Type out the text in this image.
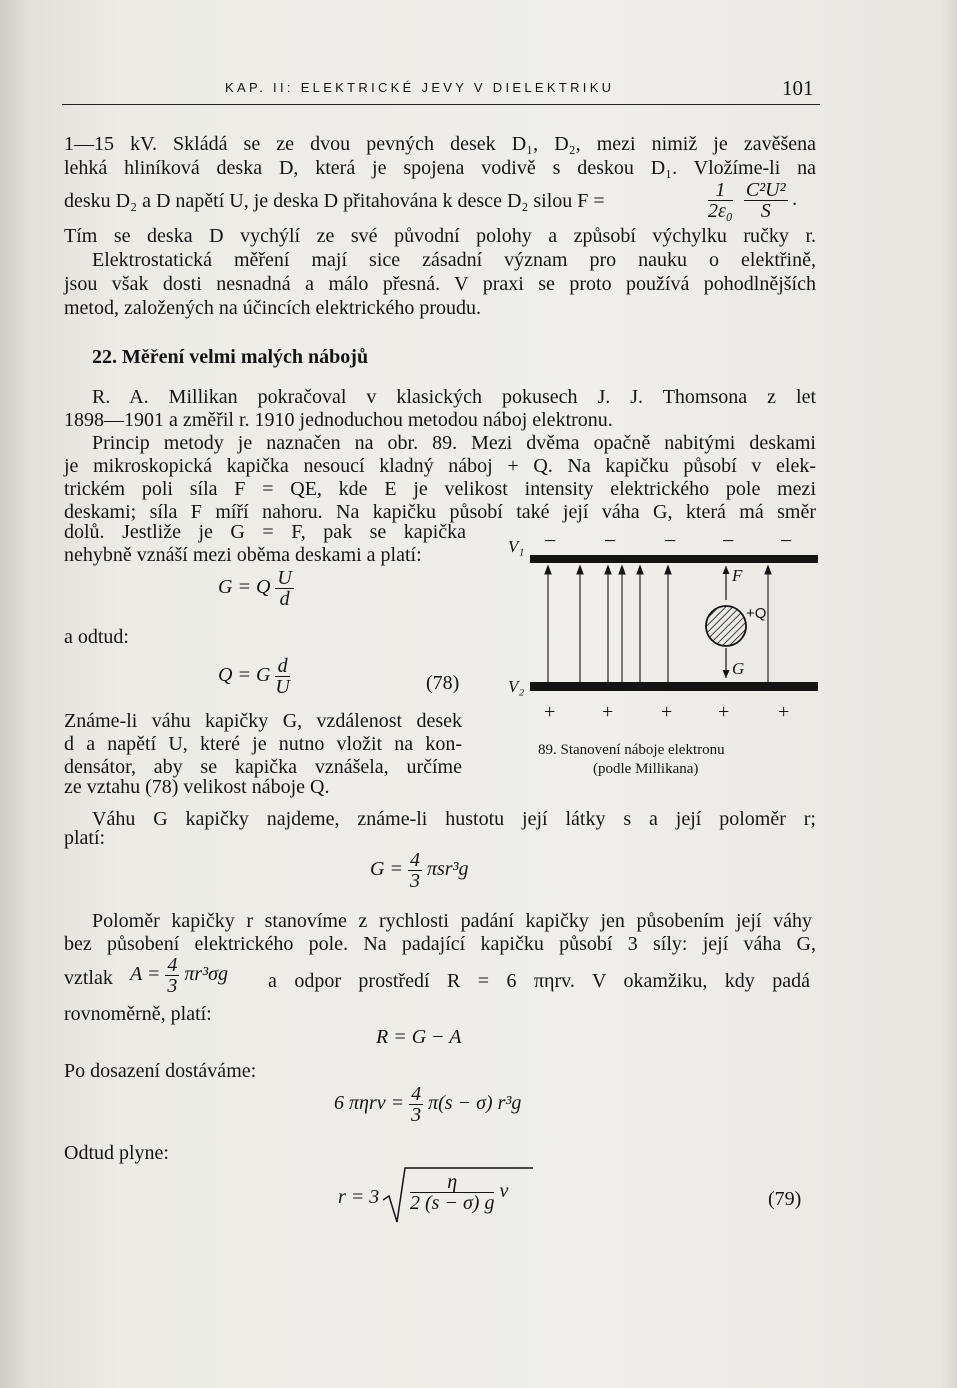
KAP. II: ELEKTRICKÉ JEVY V DIELEKTRIKU	101
1—15 kV. Skládá se ze dvou pevných desek D₁, D₂, mezi nimiž je zavěšena
lehká hliníková deska D, která je spojena vodivě s deskou D₁. Vložíme-li na
desku D₂ a D napětí U, je deska D přitahována k desce D₂ silou F =	$\frac{1}{\text{2ε₀}}$
$\frac{\text{C²U²}}{S}$ .
Tím se deska D vychýlí ze své původní polohy a způsobí výchylku ručky r.
Elektrostatická měření mají sice zásadní význam pro nauku o elektřině,
jsou však dosti nesnadná a málo přesná. V praxi se proto používá pohodlnějších
metod, založených na účincích elektrického proudu.
22. Měření velmi malých nábojů
R. A. Millikan pokračoval v klasických pokusech J. J. Thomsona z let
1898—1901 a změřil r. 1910 jednoduchou metodou náboj elektronu.
Princip metody je naznačen na obr. 89. Mezi dvěma opačně nabitými deskami
je mikroskopická kapička nesoucí kladný náboj + Q. Na kapičku působí v elek-
trickém poli síla F = QE, kde E je velikost intensity elektrického pole mezi
deskami; síla F míří nahoru. Na kapičku působí také její váha G, která má směr
dolů. Jestliže je G = F, pak se kapička
nehybně vznáší mezi oběma deskami a platí:
G = Q $\frac{U}{d}$
a odtud:
Q = G $\frac{d}{U}$	(78)
Známe-li váhu kapičky G, vzdálenost desek
d a napětí U, které je nutno vložit na kon-
densátor, aby se kapička vznášela, určíme
ze vztahu (78) velikost náboje Q.
V₁ − − − − −
F
+Q
G
V₂
+ + + + +
89. Stanovení náboje elektronu
(podle Millikana)
Váhu G kapičky najdeme, známe-li hustotu její látky s a její poloměr r;
platí:
$G = \frac{4}{3} \pi sr^3g$
Poloměr kapičky r stanovíme z rychlosti padání kapičky jen působením její váhy
bez působení elektrického pole. Na padající kapičku působí 3 síly: její váha G,
vztlak $A = \frac{4}{3} \pi r^3\sigma g$ a odpor prostředí R = 6 πηrv. V okamžiku, kdy padá
rovnoměrně, platí:
R = G − A
Po dosazení dostáváme:
6 $\pi\eta rv = \frac{4}{3} \pi(s - \sigma)$ r³g
Odtud plyne:
$r = 3 \frac{\eta}{2 (s - \sigma) g}$ v	(79)
